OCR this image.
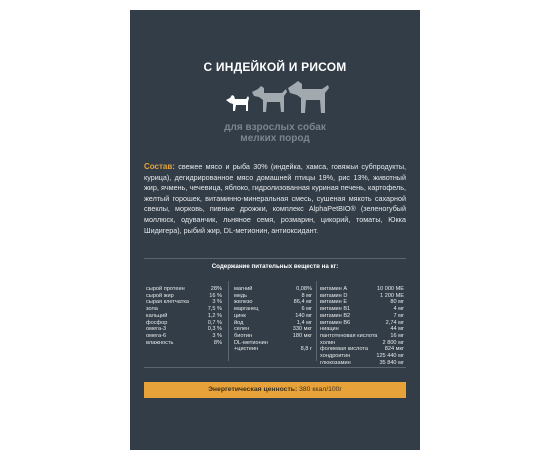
С ИНДЕЙКОЙ И РИСОМ
для взрослых собак
мелких пород
Состав: свежее мясо и рыба 30% (индейка, хамса, говяжьи субпродукты, курица), дегидрированное мясо домашней птицы 19%, рис 13%, животный жир, ячмень, чечевица, яблоко, гидролизованная куриная печень, картофель, желтый горошек, витаминно-минеральная смесь, сушеная мякоть сахарной свеклы, морковь, пивные дрожжи, комплекс AlphaPetBIO® (зеленогубый моллюск, одуванчик, льняное семя, розмарин, цикорий, томаты, Юкка Шидигера), рыбий жир, DL-метионин, антиоксидант.
Содержание питательных веществ на кг:
сырой протеин	28%
сырой жир	16 %
сырая клетчатка	3 %
зола	7,5 %
кальций	1,2 %
фосфор	0,7 %
омега-3	0,3 %
омега-6	3 %
влажность	8%
магний	0,08%
медь	8 мг
железо	86,4 мг
марганец	6 мг
цинк	140 мг
йод	1,4 мг
селен	330 мкг
биотин	180 мкг
DL-метионин
+цистеин	8,8 г
витамин А	10 000 МЕ
витамин D	1 200 МЕ
витамин Е	80 мг
витамин В1	4 мг
витамин В2	7 мг
витамин В6	2,74 мг
ниацин	44 мг
пантотеновая кислота 16 мг
холин	2 800 мг
фолиевая кислота	824 мкг
хондроитин	125 440 мг
глюкозамин	35 840 мг
Энергетическая ценность: 380 ккал/100г
